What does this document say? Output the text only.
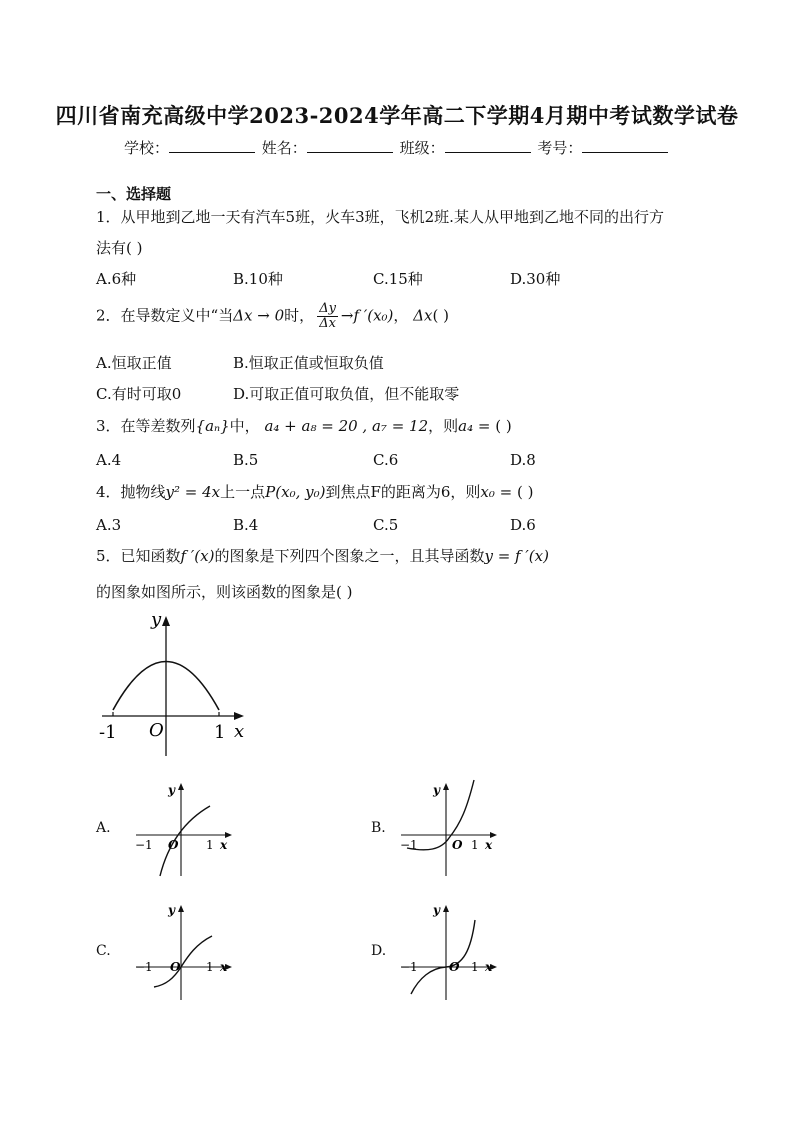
四川省南充高级中学2023-2024学年高二下学期4月期中考试数学试卷
学校：	姓名：	班级：	考号：
一、选择题
1．从甲地到乙地一天有汽车5班，火车3班，飞机2班.某人从甲地到乙地不同的出行方
法有( )
A.6种	B.10种	C.15种	D.30种
2．在导数定义中“当Δx → 0时， $\frac{\Delta y}{\Delta x} \to f$ ′(x₀)， Δx( )
A.恒取正值	B.恒取正值或恒取负值
C.有时可取0	D.可取正值可取负值，但不能取零
3．在等差数列{aₙ}中， a₄ + a₈ = 20 , a₇ = 12，则a₄ = ( )
A.4	B.5	C.6	D.8
4．抛物线y² = 4x上一点P(x₀, y₀)到焦点F的距离为6，则x₀ = ( )
A.3	B.4	C.5	D.6
5．已知函数f ′(x)的图象是下列四个图象之一，且其导函数y = f ′(x)
的图象如图所示，则该函数的图象是( )
y
x
O
-1	1
A.
y
x
O
−1	1
B.
y
x
O
−1	1
C.
y
x
O
−1	1
D.
y
x
O
−1	1
